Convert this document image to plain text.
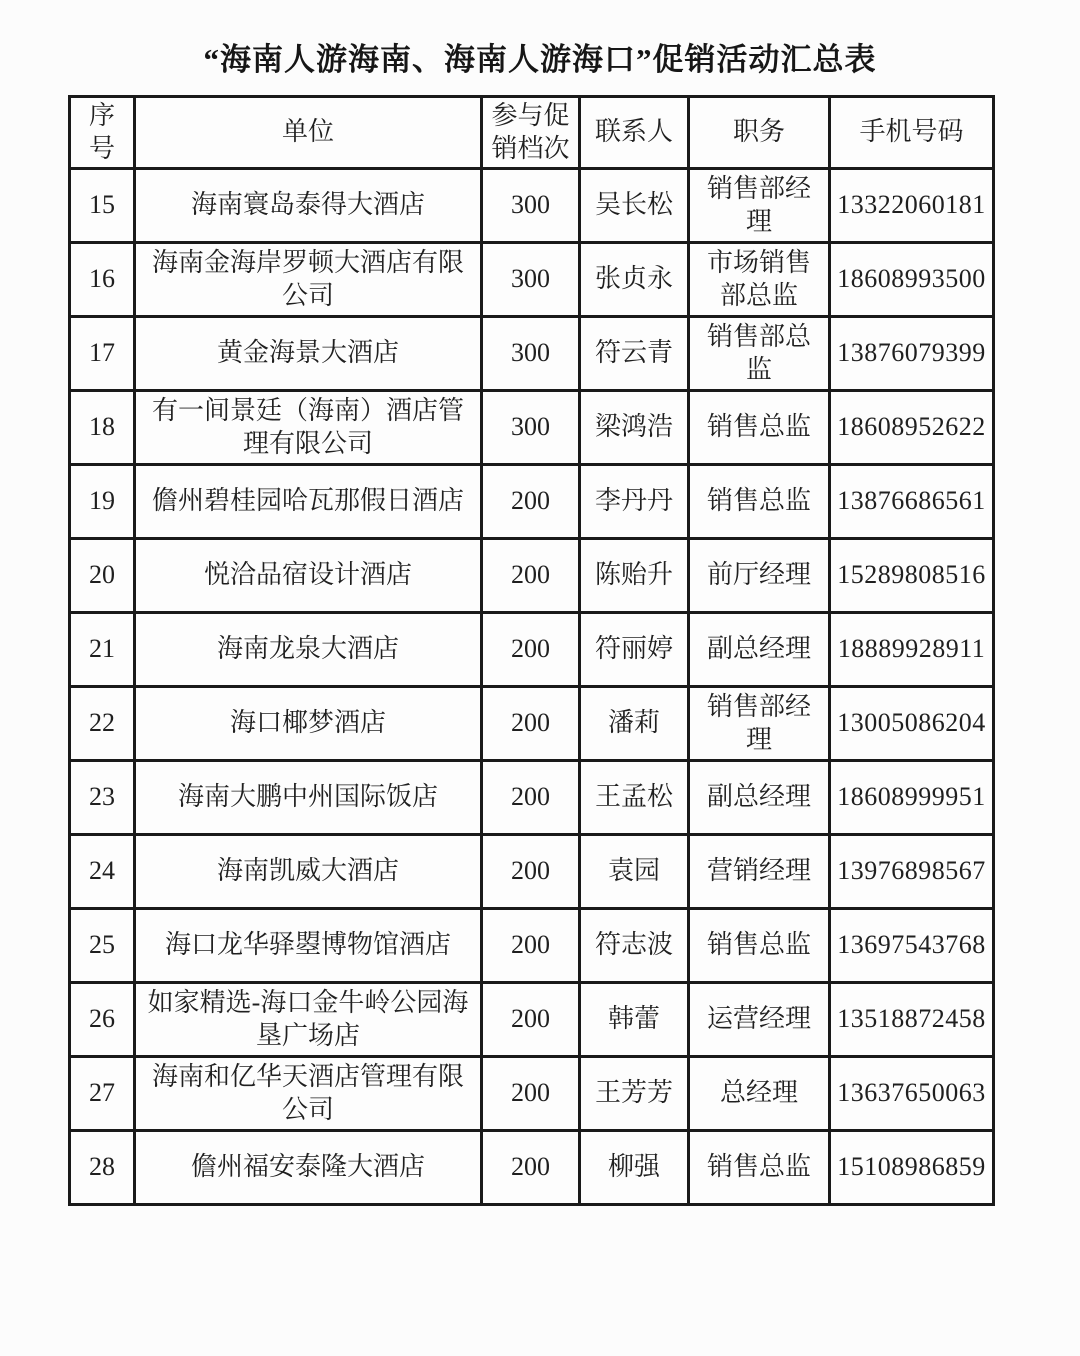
“海南人游海南、海南人游海口”促销活动汇总表
序号	单位	参与促销档次	联系人	职务	手机号码
15	海南寰岛泰得大酒店	300	吴长松	销售部经理	13322060181
16	海南金海岸罗顿大酒店有限公司	300	张贞永	市场销售部总监	18608993500
17	黄金海景大酒店	300	符云青	销售部总监	13876079399
18	有一间景廷（海南）酒店管理有限公司	300	梁鸿浩	销售总监	18608952622
19	儋州碧桂园哈瓦那假日酒店	200	李丹丹	销售总监	13876686561
20	悦洽品宿设计酒店	200	陈贻升	前厅经理	15289808516
21	海南龙泉大酒店	200	符丽婷	副总经理	18889928911
22	海口椰梦酒店	200	潘莉	销售部经理	13005086204
23	海南大鹏中州国际饭店	200	王孟松	副总经理	18608999951
24	海南凯威大酒店	200	袁园	营销经理	13976898567
25	海口龙华驿曌博物馆酒店	200	符志波	销售总监	13697543768
26	如家精选-海口金牛岭公园海垦广场店	200	韩蕾	运营经理	13518872458
27	海南和亿华天酒店管理有限公司	200	王芳芳	总经理	13637650063
28	儋州福安泰隆大酒店	200	柳强	销售总监	15108986859
